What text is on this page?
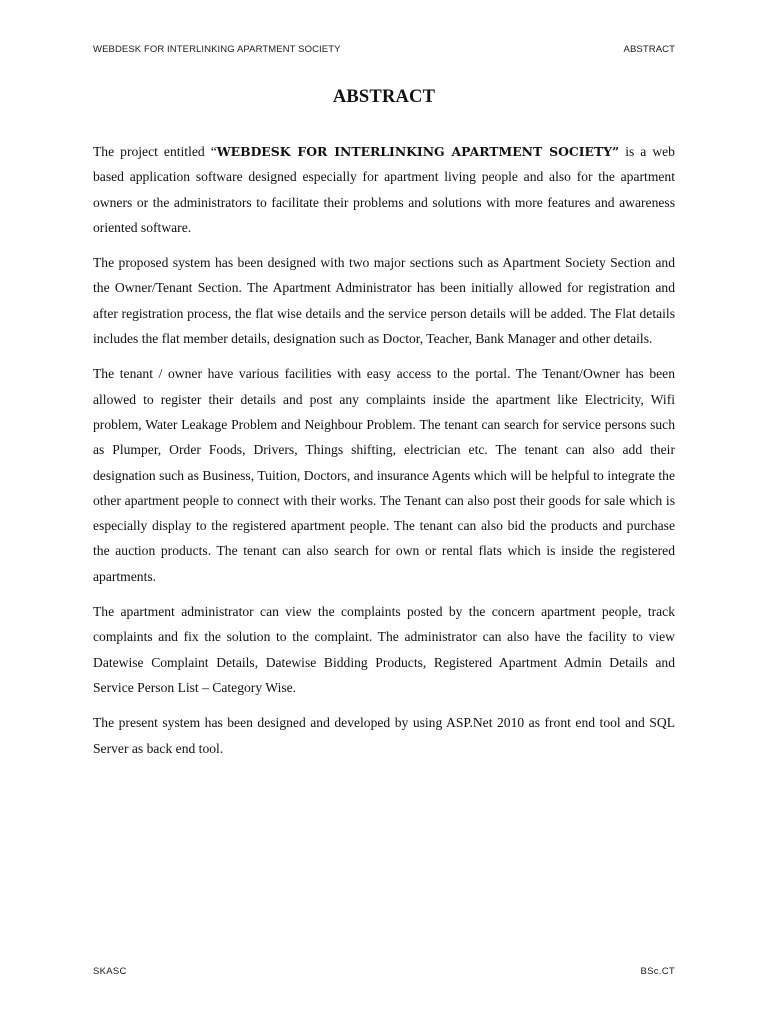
WEBDESK FOR INTERLINKING APARTMENT SOCIETY	ABSTRACT
ABSTRACT

The project entitled “WEBDESK FOR INTERLINKING APARTMENT SOCIETY” is a web based application software designed especially for apartment living people and also for the apartment owners or the administrators to facilitate their problems and solutions with more features and awareness oriented software.

The proposed system has been designed with two major sections such as Apartment Society Section and the Owner/Tenant Section. The Apartment Administrator has been initially allowed for registration and after registration process, the flat wise details and the service person details will be added. The Flat details includes the flat member details, designation such as Doctor, Teacher, Bank Manager and other details.

The tenant / owner have various facilities with easy access to the portal. The Tenant/Owner has been allowed to register their details and post any complaints inside the apartment like Electricity, Wifi problem, Water Leakage Problem and Neighbour Problem. The tenant can search for service persons such as Plumper, Order Foods, Drivers, Things shifting, electrician etc. The tenant can also add their designation such as Business, Tuition, Doctors, and insurance Agents which will be helpful to integrate the other apartment people to connect with their works. The Tenant can also post their goods for sale which is especially display to the registered apartment people. The tenant can also bid the products and purchase the auction products. The tenant can also search for own or rental flats which is inside the registered apartments.

The apartment administrator can view the complaints posted by the concern apartment people, track complaints and fix the solution to the complaint. The administrator can also have the facility to view Datewise Complaint Details, Datewise Bidding Products, Registered Apartment Admin Details and Service Person List – Category Wise.

The present system has been designed and developed by using ASP.Net 2010 as front end tool and SQL Server as back end tool.

SKASC	BSc.CT
